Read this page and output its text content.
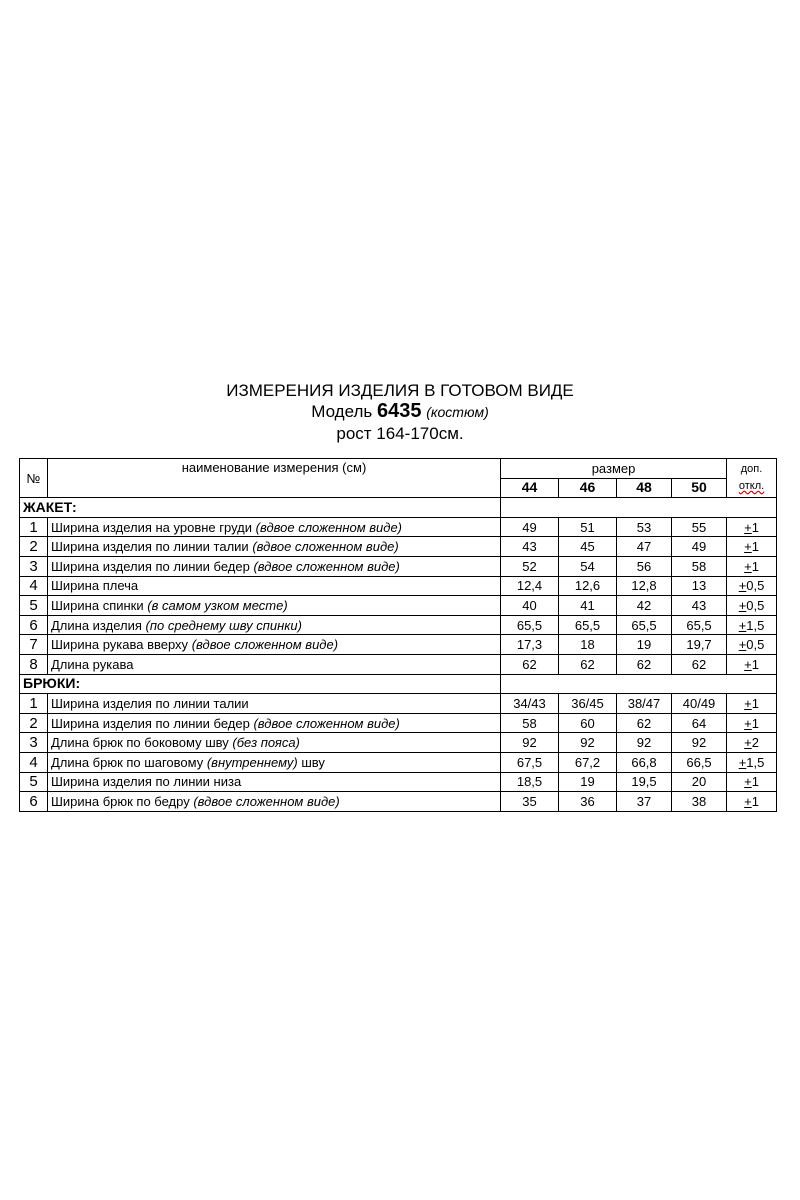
ИЗМЕРЕНИЯ ИЗДЕЛИЯ В ГОТОВОМ ВИДЕ
Модель 6435 (костюм)
рост 164-170см.
№	наименование измерения (см)	размер				доп.
откл.

		44	46	48	50	
ЖАКЕТ:						
1	Ширина изделия на уровне груди (вдвое сложенном виде)	49	51	53	55	+1
2	Ширина изделия по линии талии (вдвое сложенном виде)	43	45	47	49	+1
3	Ширина изделия по линии бедер (вдвое сложенном виде)	52	54	56	58	+1
4	Ширина плеча	12,4	12,6	12,8	13	+0,5
5	Ширина спинки (в самом узком месте)	40	41	42	43	+0,5
6	Длина изделия (по среднему шву спинки)	65,5	65,5	65,5	65,5	+1,5
7	Ширина рукава вверху (вдвое сложенном виде)	17,3	18	19	19,7	+0,5
8	Длина рукава	62	62	62	62	+1
БРЮКИ:						
1	Ширина изделия по линии талии	34/43	36/45	38/47	40/49	+1
2	Ширина изделия по линии бедер (вдвое сложенном виде)	58	60	62	64	+1
3	Длина брюк по боковому шву (без пояса)	92	92	92	92	+2
4	Длина брюк по шаговому (внутреннему) шву	67,5	67,2	66,8	66,5	+1,5
5	Ширина изделия по линии низа	18,5	19	19,5	20	+1
6	Ширина брюк по бедру (вдвое сложенном виде)	35	36	37	38	+1
